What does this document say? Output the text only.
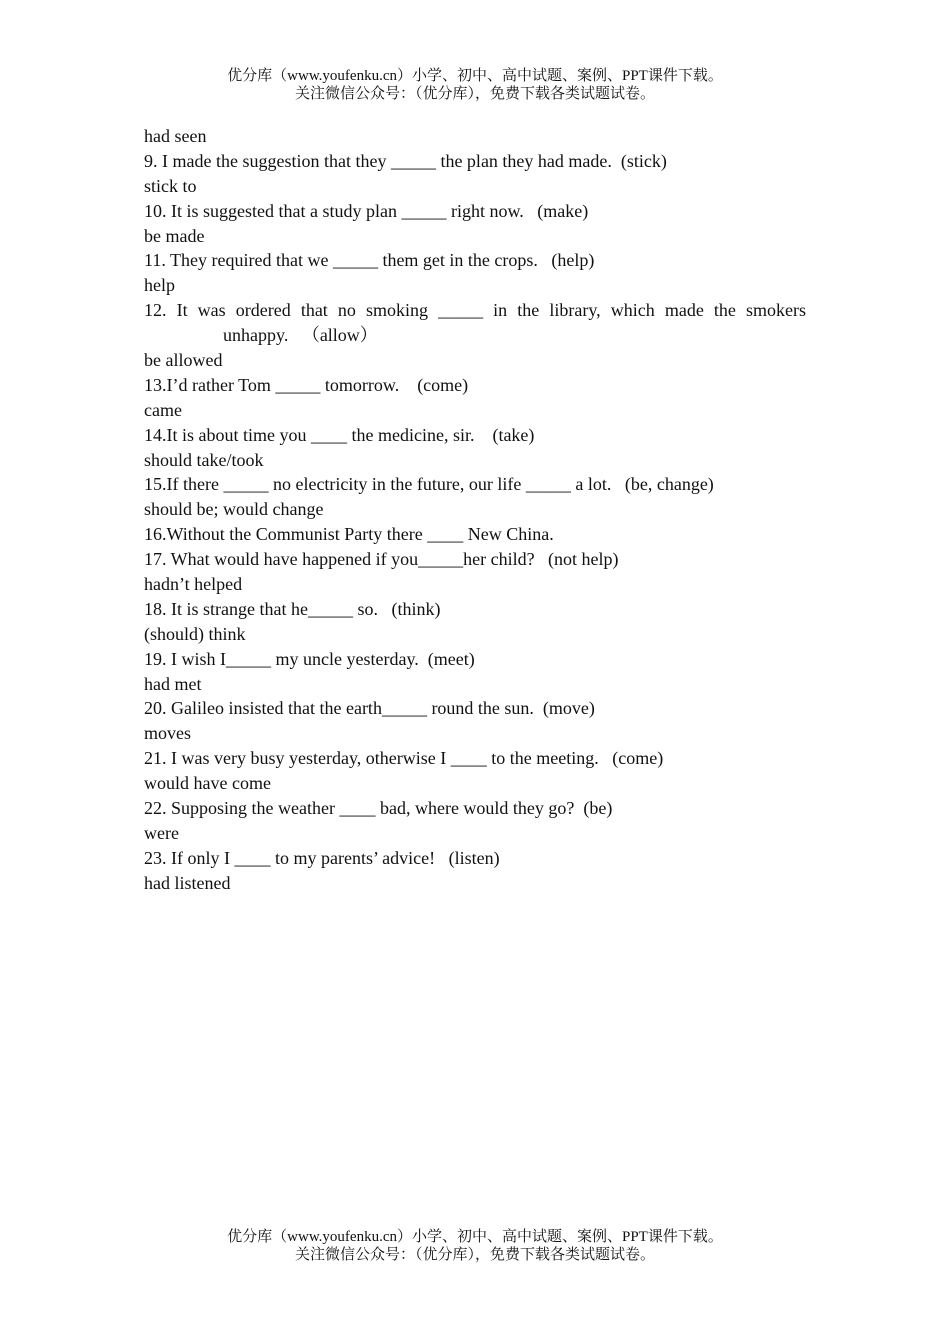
优分库（www.youfenku.cn）小学、初中、高中试题、案例、PPT课件下载。
关注微信公众号：（优分库），免费下载各类试题试卷。
had seen
9. I made the suggestion that they _____ the plan they had made.  (stick)
stick to
10. It is suggested that a study plan _____ right now.   (make)
be made
11. They required that we _____ them get in the crops.   (help)
help
12. It was ordered that no smoking _____ in the library, which made the smokers
unhappy.   （allow）
be allowed
13.I’d rather Tom _____ tomorrow.    (come)
came
14.It is about time you ____ the medicine, sir.    (take)
should take/took
15.If there _____ no electricity in the future, our life _____ a lot.   (be, change)
should be; would change
16.Without the Communist Party there ____ New China.
17. What would have happened if you_____her child?   (not help)
hadn’t helped
18. It is strange that he_____ so.   (think)
(should) think
19. I wish I_____ my uncle yesterday.  (meet)
had met
20. Galileo insisted that the earth_____ round the sun.  (move)
moves
21. I was very busy yesterday, otherwise I ____ to the meeting.   (come)
would have come
22. Supposing the weather ____ bad, where would they go?  (be)
were
23. If only I ____ to my parents’ advice!   (listen)
had listened
优分库（www.youfenku.cn）小学、初中、高中试题、案例、PPT课件下载。
关注微信公众号：（优分库），免费下载各类试题试卷。
